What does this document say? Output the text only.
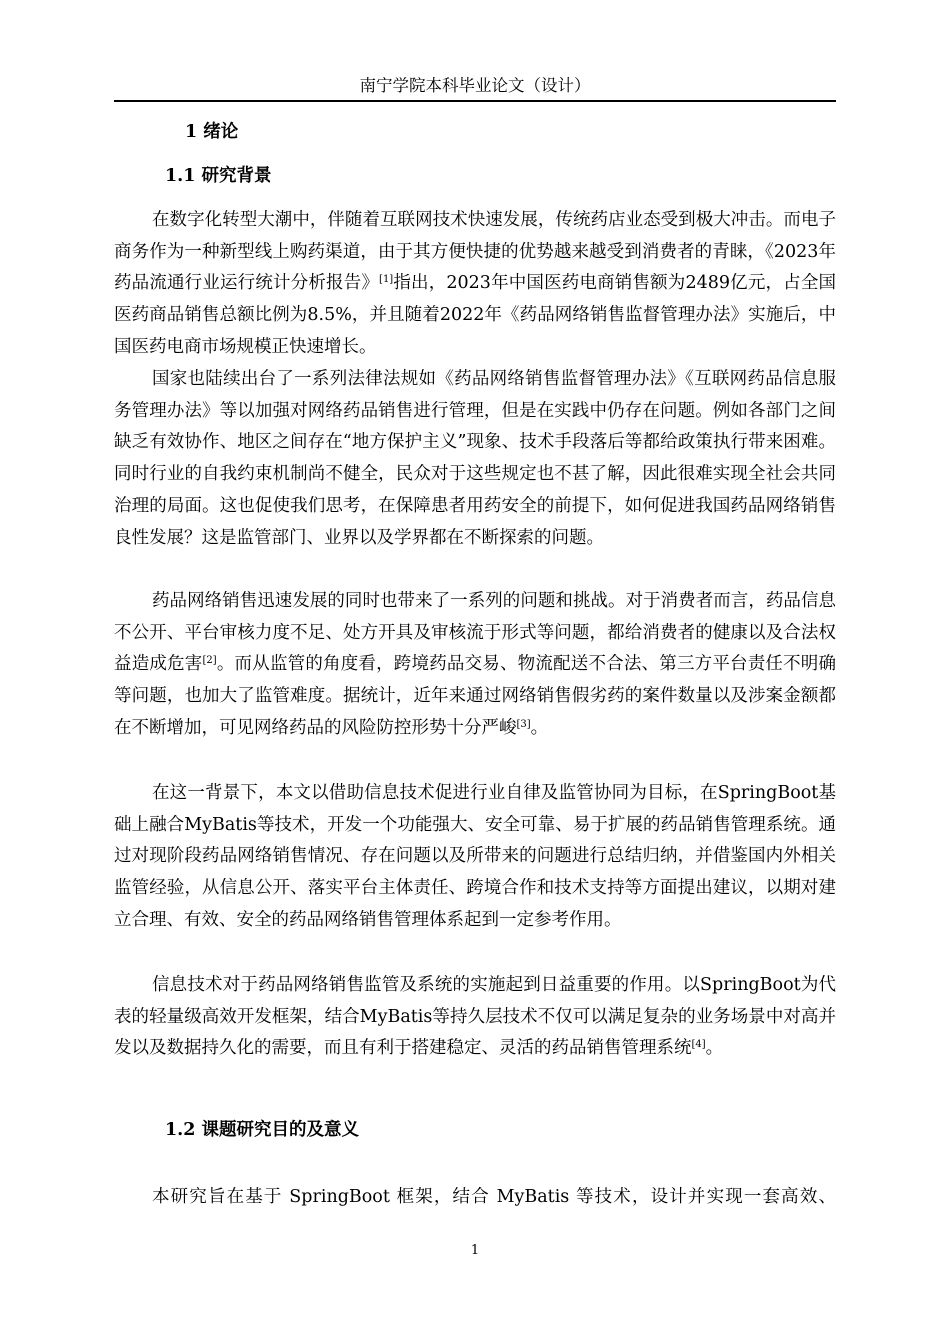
南宁学院本科毕业论文（设计）
1 绪论
1.1 研究背景

在数字化转型大潮中，伴随着互联网技术快速发展，传统药店业态受到极大冲击。而电子商务作为一种新型线上购药渠道，由于其方便快捷的优势越来越受到消费者的青睐，《2023年药品流通行业运行统计分析报告》[1]指出，2023年中国医药电商销售额为2489亿元，占全国医药商品销售总额比例为8.5%，并且随着2022年《药品网络销售监督管理办法》实施后，中国医药电商市场规模正快速增长。

国家也陆续出台了一系列法律法规如《药品网络销售监督管理办法》《互联网药品信息服务管理办法》等以加强对网络药品销售进行管理，但是在实践中仍存在问题。例如各部门之间缺乏有效协作、地区之间存在“地方保护主义”现象、技术手段落后等都给政策执行带来困难。同时行业的自我约束机制尚不健全，民众对于这些规定也不甚了解，因此很难实现全社会共同治理的局面。这也促使我们思考，在保障患者用药安全的前提下，如何促进我国药品网络销售良性发展？这是监管部门、业界以及学界都在不断探索的问题。

药品网络销售迅速发展的同时也带来了一系列的问题和挑战。对于消费者而言，药品信息不公开、平台审核力度不足、处方开具及审核流于形式等问题，都给消费者的健康以及合法权益造成危害[2]。而从监管的角度看，跨境药品交易、物流配送不合法、第三方平台责任不明确等问题，也加大了监管难度。据统计，近年来通过网络销售假劣药的案件数量以及涉案金额都在不断增加，可见网络药品的风险防控形势十分严峻[3]。

在这一背景下，本文以借助信息技术促进行业自律及监管协同为目标，在SpringBoot基础上融合MyBatis等技术，开发一个功能强大、安全可靠、易于扩展的药品销售管理系统。通过对现阶段药品网络销售情况、存在问题以及所带来的问题进行总结归纳，并借鉴国内外相关监管经验，从信息公开、落实平台主体责任、跨境合作和技术支持等方面提出建议，以期对建立合理、有效、安全的药品网络销售管理体系起到一定参考作用。

信息技术对于药品网络销售监管及系统的实施起到日益重要的作用。以SpringBoot为代表的轻量级高效开发框架，结合MyBatis等持久层技术不仅可以满足复杂的业务场景中对高并发以及数据持久化的需要，而且有利于搭建稳定、灵活的药品销售管理系统[4]。

1.2 课题研究目的及意义

本研究旨在基于 SpringBoot 框架，结合 MyBatis 等技术，设计并实现一套高效、

1
